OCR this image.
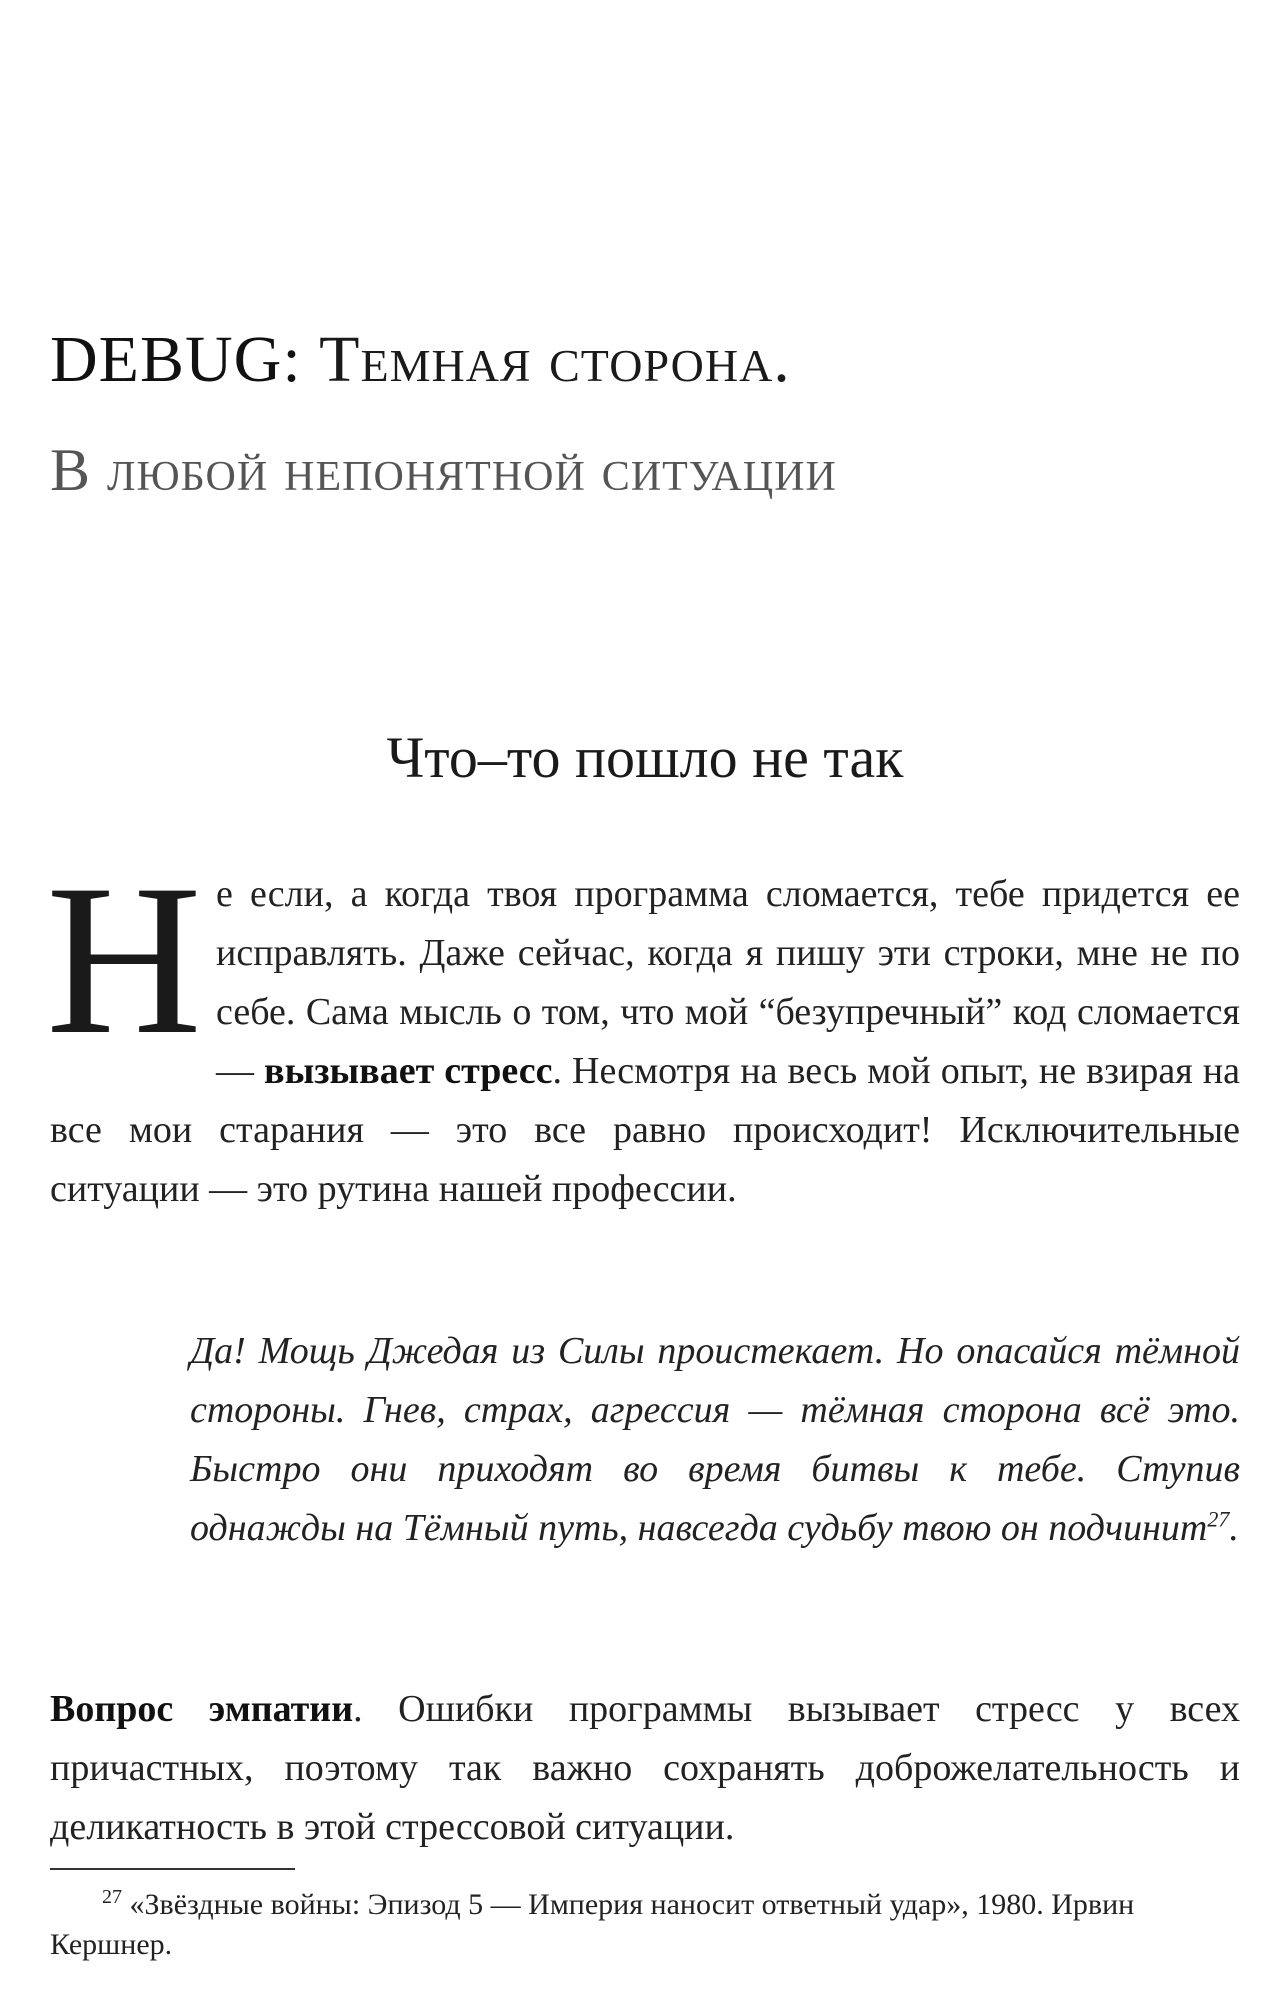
DEBUG: Темная сторона.
В любой непонятной ситуации
Что–то пошло не так
Не если, а когда твоя программа сломается, тебе придется ее исправлять. Даже сейчас, когда я пишу эти строки, мне не по себе. Сама мысль о том, что мой “безупречный” код сломается — вызывает стресс. Несмотря на весь мой опыт, не взирая на все мои старания — это все равно происходит! Исключительные ситуации — это рутина нашей профессии.
Да! Мощь Джедая из Силы проистекает. Но опасайся тёмной стороны. Гнев, страх, агрессия — тёмная сторона всё это. Быстро они приходят во время битвы к тебе. Ступив однажды на Тёмный путь, навсегда судьбу твою он подчинит$^{27}$.
Вопрос эмпатии. Ошибки программы вызывает стресс у всех причастных, поэтому так важно сохранять доброжелательность и деликатность в этой стрессовой ситуации.
$^{27}$ «Звёздные войны: Эпизод 5 — Империя наносит ответный удар», 1980. Ирвин Кершнер.
